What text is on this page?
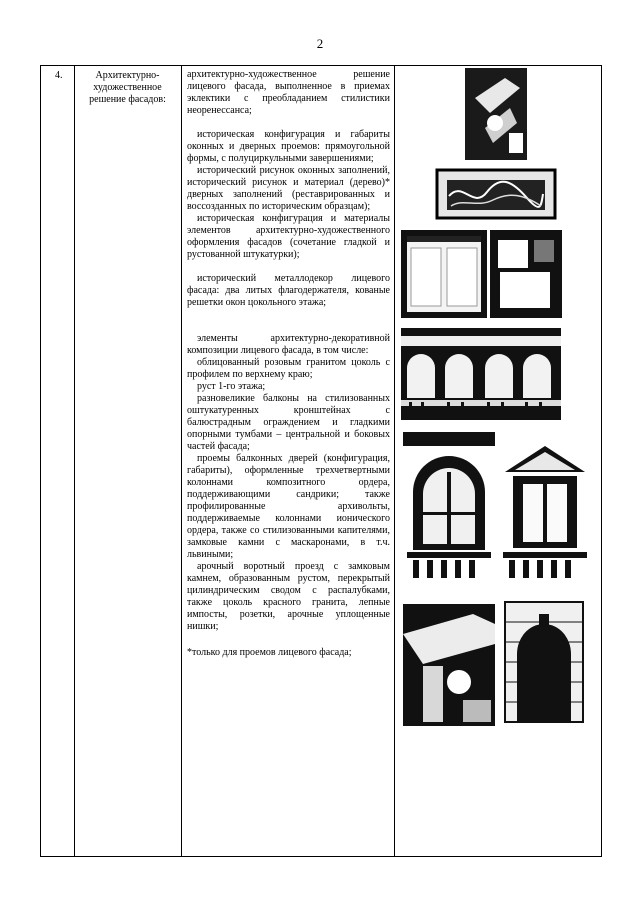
2
4.	Архитектурно-художественное решение фасадов:

архитектурно-художественное решение лицевого фасада, выполненное в приемах эклектики с преобладанием стилистики неоренессанса;

историческая конфигурация и габариты оконных и дверных проемов: прямоугольной формы, с полуциркульными завершениями;

исторический рисунок оконных заполнений, исторический рисунок и материал (дерево)* дверных заполнений (реставрированных и воссозданных по историческим образцам);

историческая конфигурация и материалы элементов архитектурно-художественного оформления фасадов (сочетание гладкой и рустованной штукатурки);

исторический металлодекор лицевого фасада: два литых флагодержателя, кованые решетки окон цокольного этажа;

элементы архитектурно-декоративной композиции лицевого фасада, в том числе:

облицованный розовым гранитом цоколь с профилем по верхнему краю;

руст 1-го этажа;

разновеликие балконы на стилизованных оштукатуренных кронштейнах с балюстрадным ограждением и гладкими опорными тумбами – центральной и боковых частей фасада;

проемы балконных дверей (конфигурация, габариты), оформленные трехчетвертными колоннами композитного ордера, поддерживающими сандрики; также профилированные архивольты, поддерживаемые колоннами ионического ордера, также со стилизованными капителями, замковые камни с маскаронами, в т.ч. львиными;

арочный воротный проезд с замковым камнем, образованным рустом, перекрытый цилиндрическим сводом с распалубками, также цоколь красного гранита, лепные импосты, розетки, арочные уплощенные нишки;

*только для проемов лицевого фасада;
